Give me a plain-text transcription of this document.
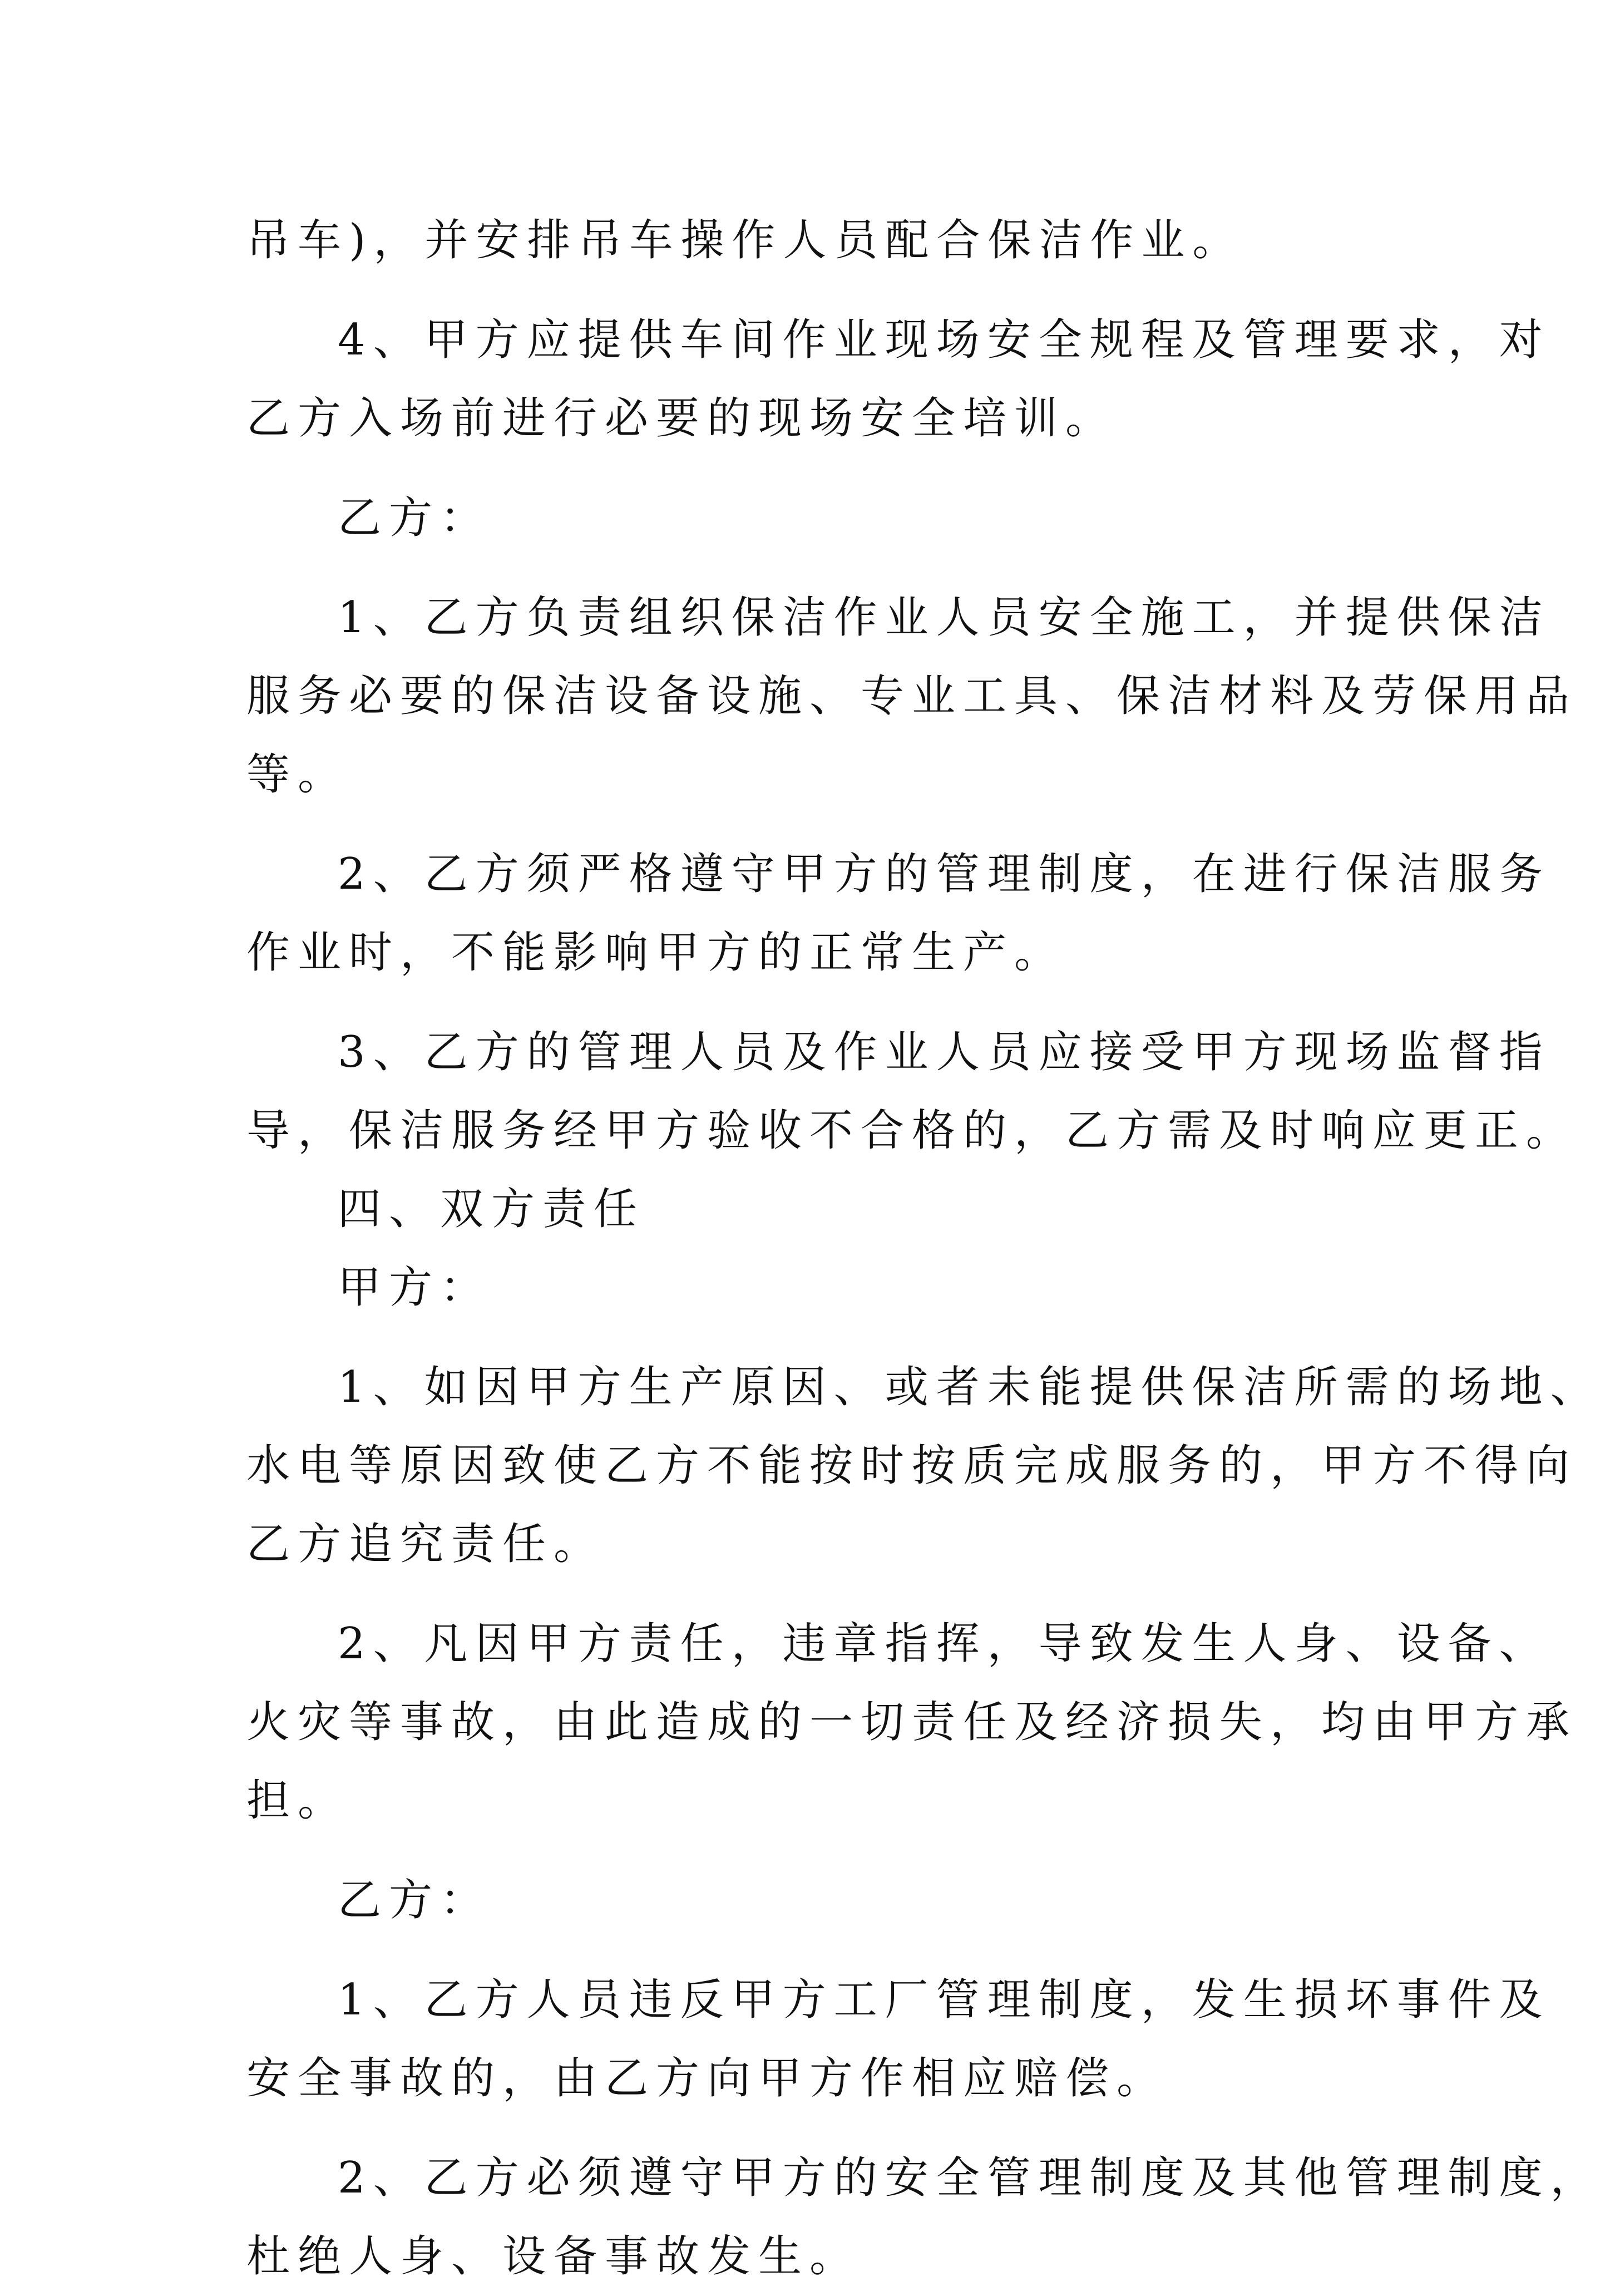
吊车)，并安排吊车操作人员配合保洁作业。
4、甲方应提供车间作业现场安全规程及管理要求，对
乙方入场前进行必要的现场安全培训。
乙方：
1、乙方负责组织保洁作业人员安全施工，并提供保洁
服务必要的保洁设备设施、专业工具、保洁材料及劳保用品
等。
2、乙方须严格遵守甲方的管理制度，在进行保洁服务
作业时，不能影响甲方的正常生产。
3、乙方的管理人员及作业人员应接受甲方现场监督指
导，保洁服务经甲方验收不合格的，乙方需及时响应更正。
四、双方责任
甲方：
1、如因甲方生产原因、或者未能提供保洁所需的场地、
水电等原因致使乙方不能按时按质完成服务的，甲方不得向
乙方追究责任。
2、凡因甲方责任，违章指挥，导致发生人身、设备、
火灾等事故，由此造成的一切责任及经济损失，均由甲方承
担。
乙方：
1、乙方人员违反甲方工厂管理制度，发生损坏事件及
安全事故的，由乙方向甲方作相应赔偿。
2、乙方必须遵守甲方的安全管理制度及其他管理制度，
杜绝人身、设备事故发生。
